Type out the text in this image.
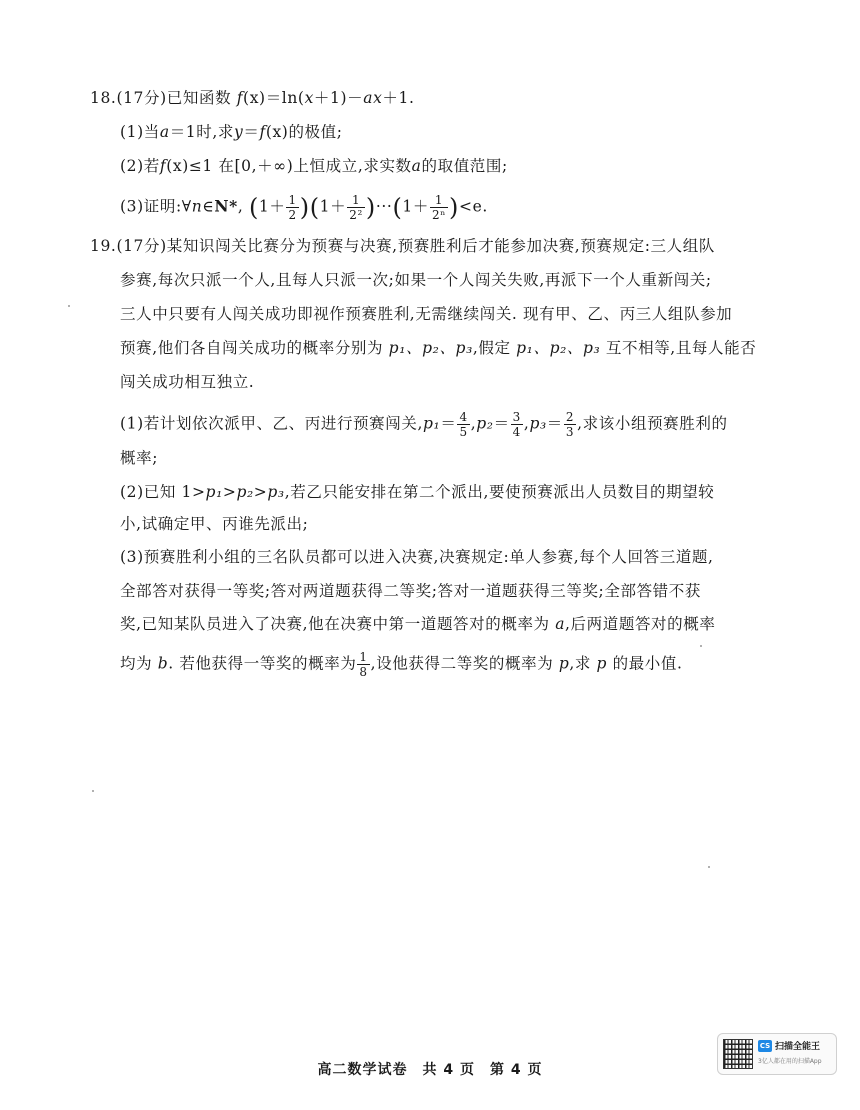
18.(17分)已知函数 f(x)＝ln(x＋1)－ax＋1.
(1)当a＝1时,求y＝f(x)的极值;
(2)若f(x)≤1 在[0,＋∞)上恒成立,求实数a的取值范围;
(3)证明:∀n∈N*, $(1+ \frac{1}{2} )(1+ \frac{1}{\text{2²}} )\cdot\cdot\cdot(1+ \frac{1}{\text{2ⁿ}} )<e$.
19.(17分)某知识闯关比赛分为预赛与决赛,预赛胜利后才能参加决赛,预赛规定:三人组队
参赛,每次只派一个人,且每人只派一次;如果一个人闯关失败,再派下一个人重新闯关;
三人中只要有人闯关成功即视作预赛胜利,无需继续闯关. 现有甲、乙、丙三人组队参加
预赛,他们各自闯关成功的概率分别为 p₁、p₂、p₃,假定 p₁、p₂、p₃ 互不相等,且每人能否
闯关成功相互独立.
(1)若计划依次派甲、乙、丙进行预赛闯关$,p_1= \frac{4}{5} ,p_2= \frac{3}{4} ,p_3= \frac{2}{3}$ ,求该小组预赛胜利的
概率;
(2)已知 1>p₁>p₂>p₃,若乙只能安排在第二个派出,要使预赛派出人员数目的期望较
小,试确定甲、丙谁先派出;
(3)预赛胜利小组的三名队员都可以进入决赛,决赛规定:单人参赛,每个人回答三道题,
全部答对获得一等奖;答对两道题获得二等奖;答对一道题获得三等奖;全部答错不获
奖,已知某队员进入了决赛,他在决赛中第一道题答对的概率为 a,后两道题答对的概率
均为 b. 若他获得一等奖的概率为 $\frac{1}{8}$ ,设他获得二等奖的概率为 p,求 p 的最小值.
高二数学试卷　共 4 页　第 4 页
CS 扫描全能王
3亿人都在用的扫描App
